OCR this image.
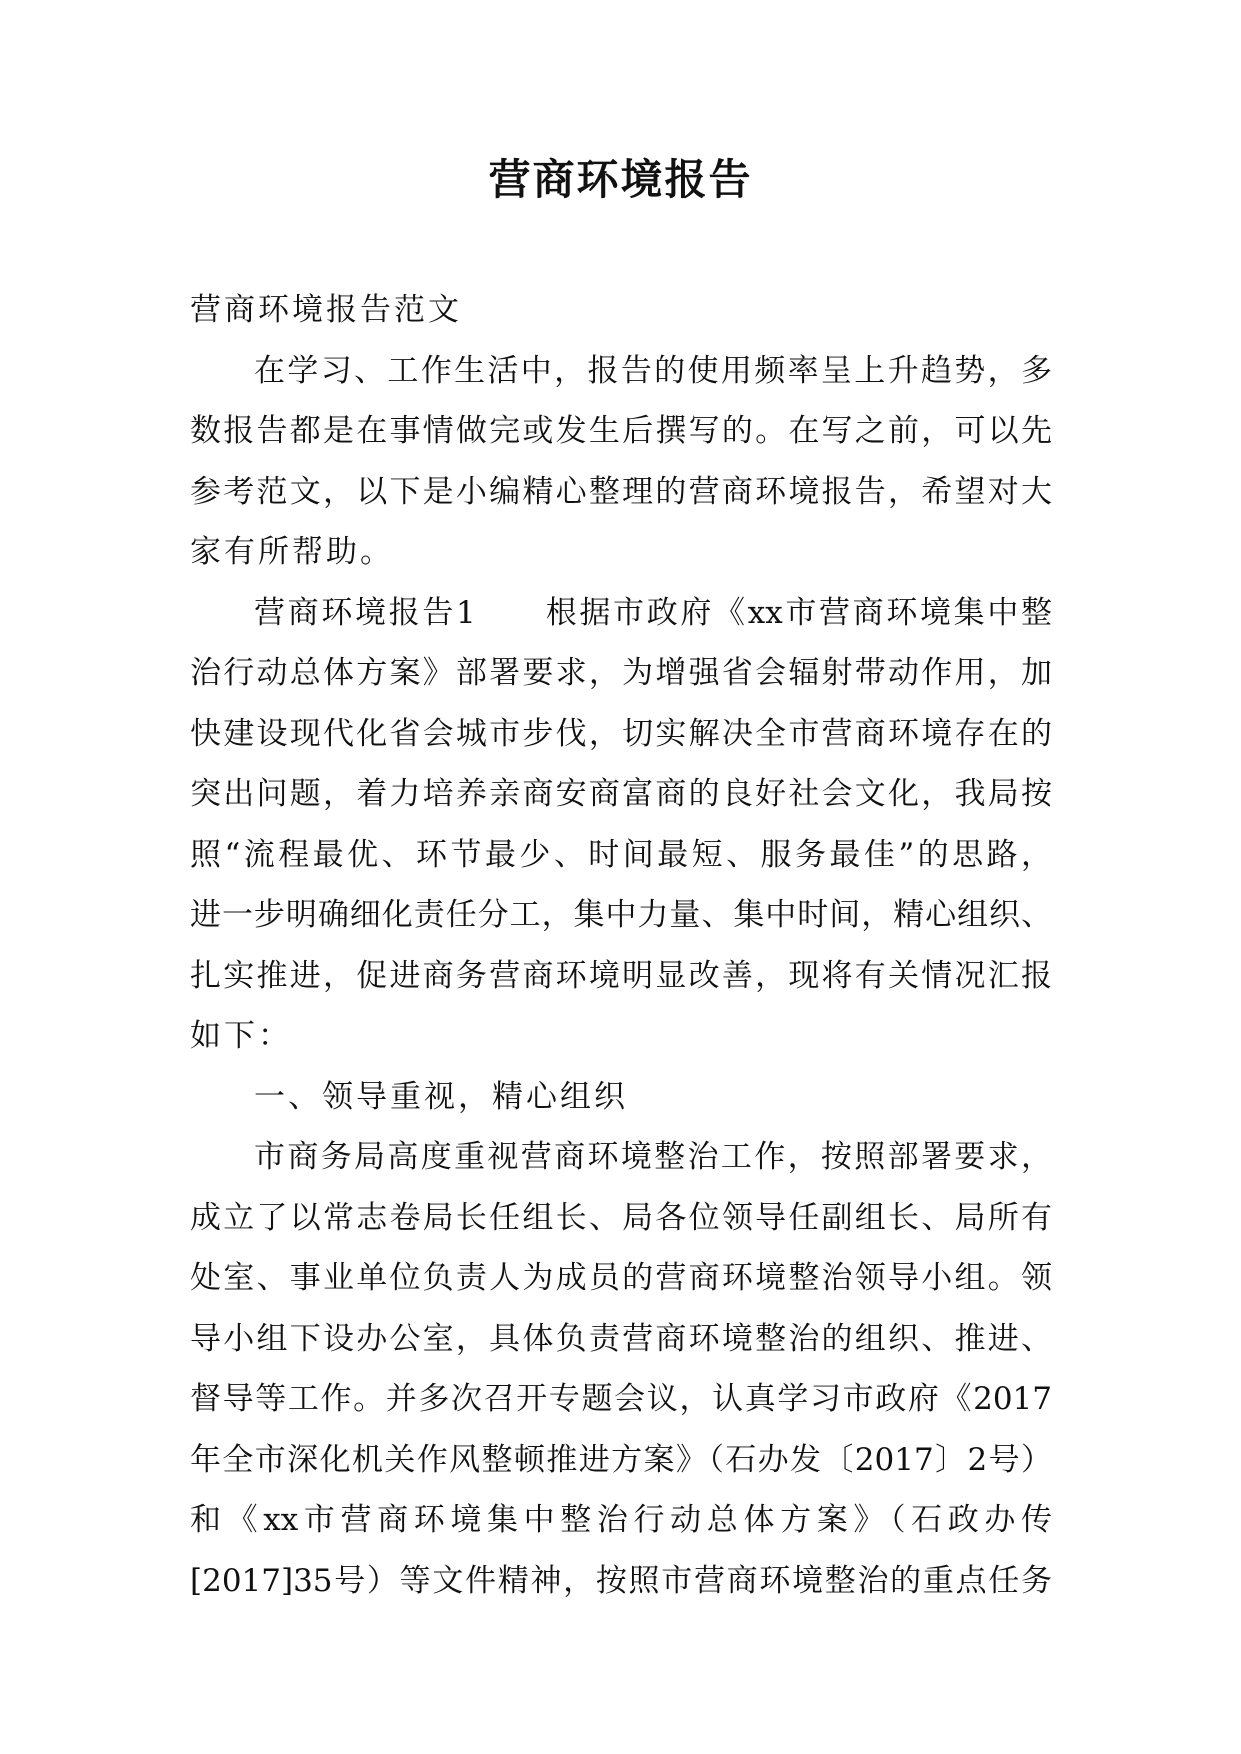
营商环境报告
营商环境报告范文
在学习、工作生活中，报告的使用频率呈上升趋势，多
数报告都是在事情做完或发生后撰写的。在写之前，可以先
参考范文，以下是小编精心整理的营商环境报告，希望对大
家有所帮助。
营商环境报告1　　根据市政府《xx市营商环境集中整
治行动总体方案》部署要求，为增强省会辐射带动作用，加
快建设现代化省会城市步伐，切实解决全市营商环境存在的
突出问题，着力培养亲商安商富商的良好社会文化，我局按
照“流程最优、环节最少、时间最短、服务最佳”的思路，
进一步明确细化责任分工，集中力量、集中时间，精心组织、
扎实推进，促进商务营商环境明显改善，现将有关情况汇报
如下：
一、领导重视，精心组织
市商务局高度重视营商环境整治工作，按照部署要求，
成立了以常志卷局长任组长、局各位领导任副组长、局所有
处室、事业单位负责人为成员的营商环境整治领导小组。领
导小组下设办公室，具体负责营商环境整治的组织、推进、
督导等工作。并多次召开专题会议，认真学习市政府《2017
年全市深化机关作风整顿推进方案》（石办发〔2017〕2号）
和《xx市营商环境集中整治行动总体方案》（石政办传
[2017]35号）等文件精神，按照市营商环境整治的重点任务
